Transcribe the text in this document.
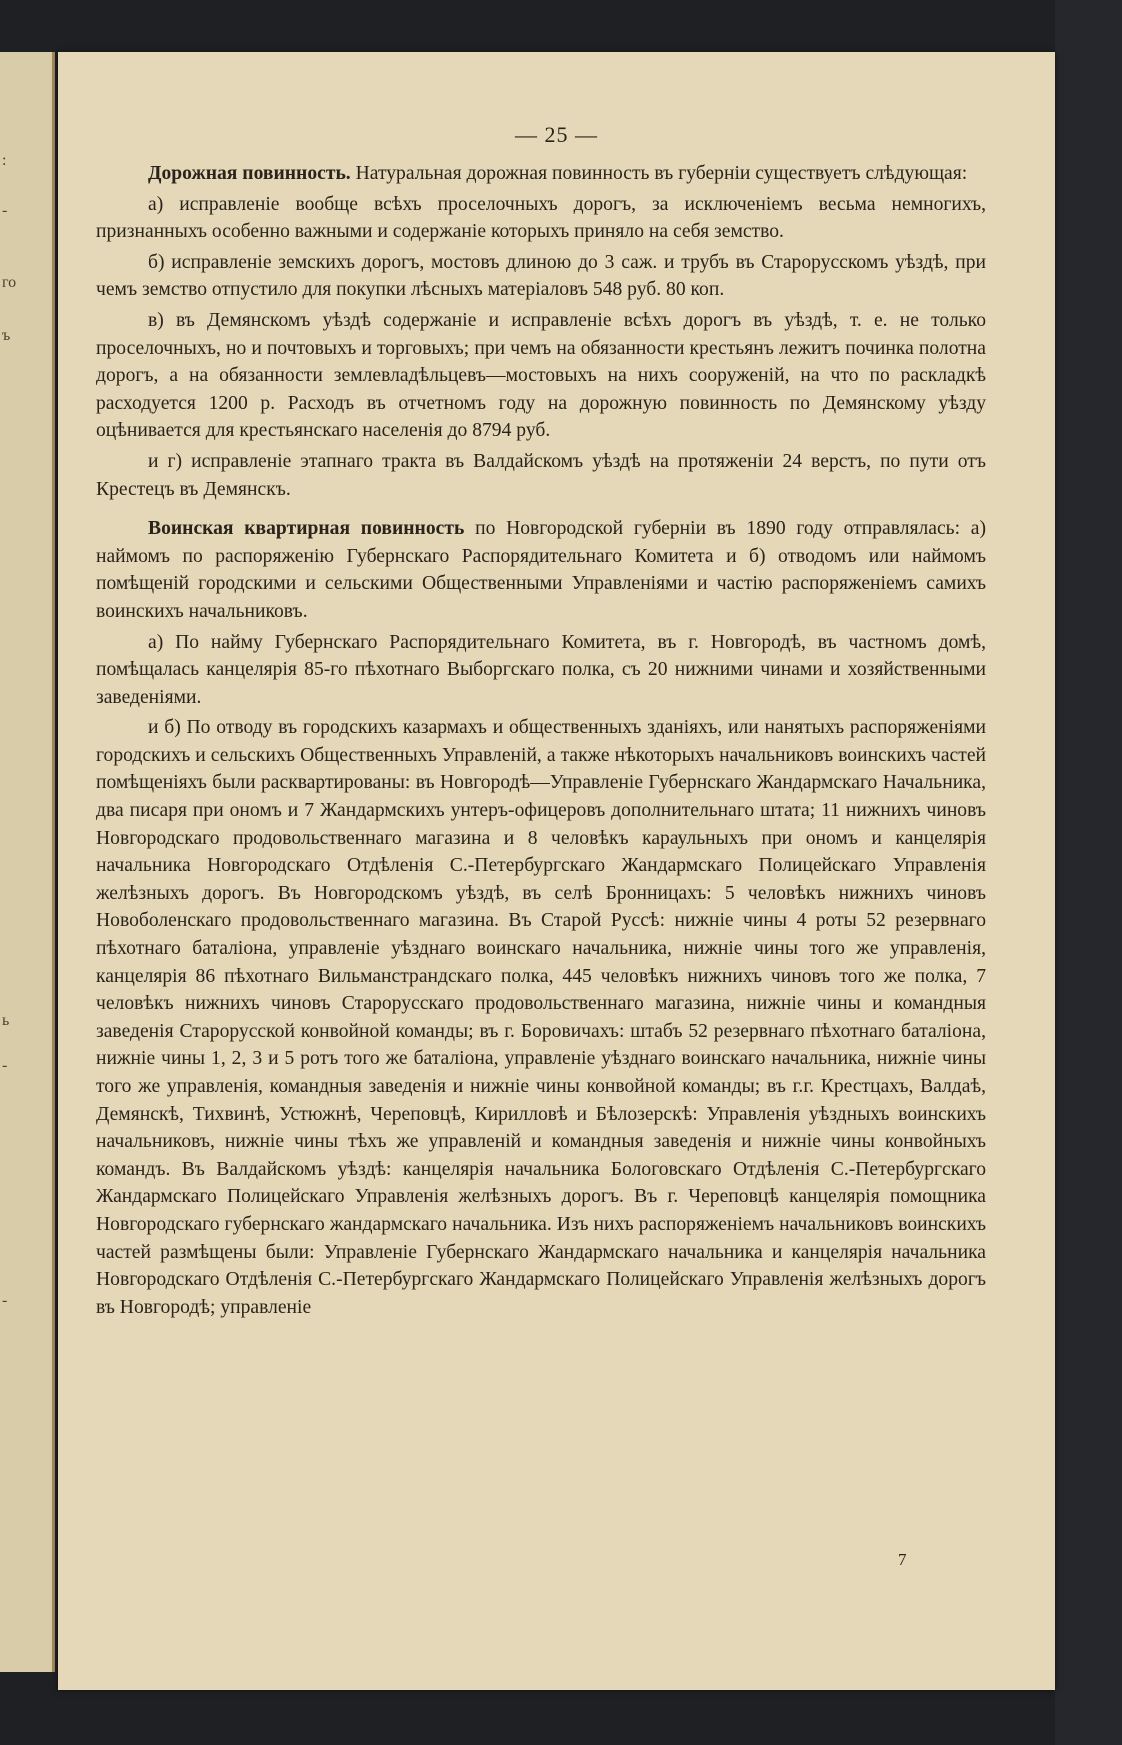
:
-
го
ъ
ь
-
-
— 25 —

Дорожная повинность. Натуральная дорожная повинность въ губерніи существуетъ слѣдующая:

а) исправленіе вообще всѣхъ проселочныхъ дорогъ, за исключеніемъ весьма немногихъ, признанныхъ особенно важными и содержаніе которыхъ приняло на себя земство.

б) исправленіе земскихъ дорогъ, мостовъ длиною до 3 саж. и трубъ въ Старорусскомъ уѣздѣ, при чемъ земство отпустило для покупки лѣсныхъ матеріаловъ 548 руб. 80 коп.

в) въ Демянскомъ уѣздѣ содержаніе и исправленіе всѣхъ дорогъ въ уѣздѣ, т. е. не только проселочныхъ, но и почтовыхъ и торговыхъ; при чемъ на обязанности крестьянъ лежитъ починка полотна дорогъ, а на обязанности землевладѣльцевъ—мостовыхъ на нихъ сооруженій, на что по раскладкѣ расходуется 1200 р. Расходъ въ отчетномъ году на дорожную повинность по Демянскому уѣзду оцѣнивается для крестьянскаго населенія до 8794 руб.

и г) исправленіе этапнаго тракта въ Валдайскомъ уѣздѣ на протяженіи 24 верстъ, по пути отъ Крестецъ въ Демянскъ.

Воинская квартирная повинность по Новгородской губерніи въ 1890 году отправлялась: а) наймомъ по распоряженію Губернскаго Распорядительнаго Комитета и б) отводомъ или наймомъ помѣщеній городскими и сельскими Общественными Управленіями и частію распоряженіемъ самихъ воинскихъ начальниковъ.

а) По найму Губернскаго Распорядительнаго Комитета, въ г. Новгородѣ, въ частномъ домѣ, помѣщалась канцелярія 85-го пѣхотнаго Выборгскаго полка, съ 20 нижними чинами и хозяйственными заведеніями.

и б) По отводу въ городскихъ казармахъ и общественныхъ зданіяхъ, или нанятыхъ распоряженіями городскихъ и сельскихъ Общественныхъ Управленій, а также нѣкоторыхъ начальниковъ воинскихъ частей помѣщеніяхъ были расквартированы: въ Новгородѣ—Управленіе Губернскаго Жандармскаго Начальника, два писаря при ономъ и 7 Жандармскихъ унтеръ-офицеровъ дополнительнаго штата; 11 нижнихъ чиновъ Новгородскаго продовольственнаго магазина и 8 человѣкъ караульныхъ при ономъ и канцелярія начальника Новгородскаго Отдѣленія С.-Петербургскаго Жандармскаго Полицейскаго Управленія желѣзныхъ дорогъ. Въ Новгородскомъ уѣздѣ, въ селѣ Бронницахъ: 5 человѣкъ нижнихъ чиновъ Новоболенскаго продовольственнаго магазина. Въ Старой Руссѣ: нижніе чины 4 роты 52 резервнаго пѣхотнаго баталіона, управленіе уѣзднаго воинскаго начальника, нижніе чины того же управленія, канцелярія 86 пѣхотнаго Вильманстрандскаго полка, 445 человѣкъ нижнихъ чиновъ того же полка, 7 человѣкъ нижнихъ чиновъ Старорусскаго продовольственнаго магазина, нижніе чины и командныя заведенія Старорусской конвойной команды; въ г. Боровичахъ: штабъ 52 резервнаго пѣхотнаго баталіона, нижніе чины 1, 2, 3 и 5 ротъ того же баталіона, управленіе уѣзднаго воинскаго начальника, нижніе чины того же управленія, командныя заведенія и нижніе чины конвойной команды; въ г.г. Крестцахъ, Валдаѣ, Демянскѣ, Тихвинѣ, Устюжнѣ, Череповцѣ, Кирилловѣ и Бѣлозерскѣ: Управленія уѣздныхъ воинскихъ начальниковъ, нижніе чины тѣхъ же управленій и командныя заведенія и нижніе чины конвойныхъ командъ. Въ Валдайскомъ уѣздѣ: канцелярія начальника Бологовскаго Отдѣленія С.-Петербургскаго Жандармскаго Полицейскаго Управленія желѣзныхъ дорогъ. Въ г. Череповцѣ канцелярія помощника Новгородскаго губернскаго жандармскаго начальника. Изъ нихъ распоряженіемъ начальниковъ воинскихъ частей размѣщены были: Управленіе Губернскаго Жандармскаго начальника и канцелярія начальника Новгородскаго Отдѣленія С.-Петербургскаго Жандармскаго Полицейскаго Управленія желѣзныхъ дорогъ въ Новгородѣ; управленіе

7
